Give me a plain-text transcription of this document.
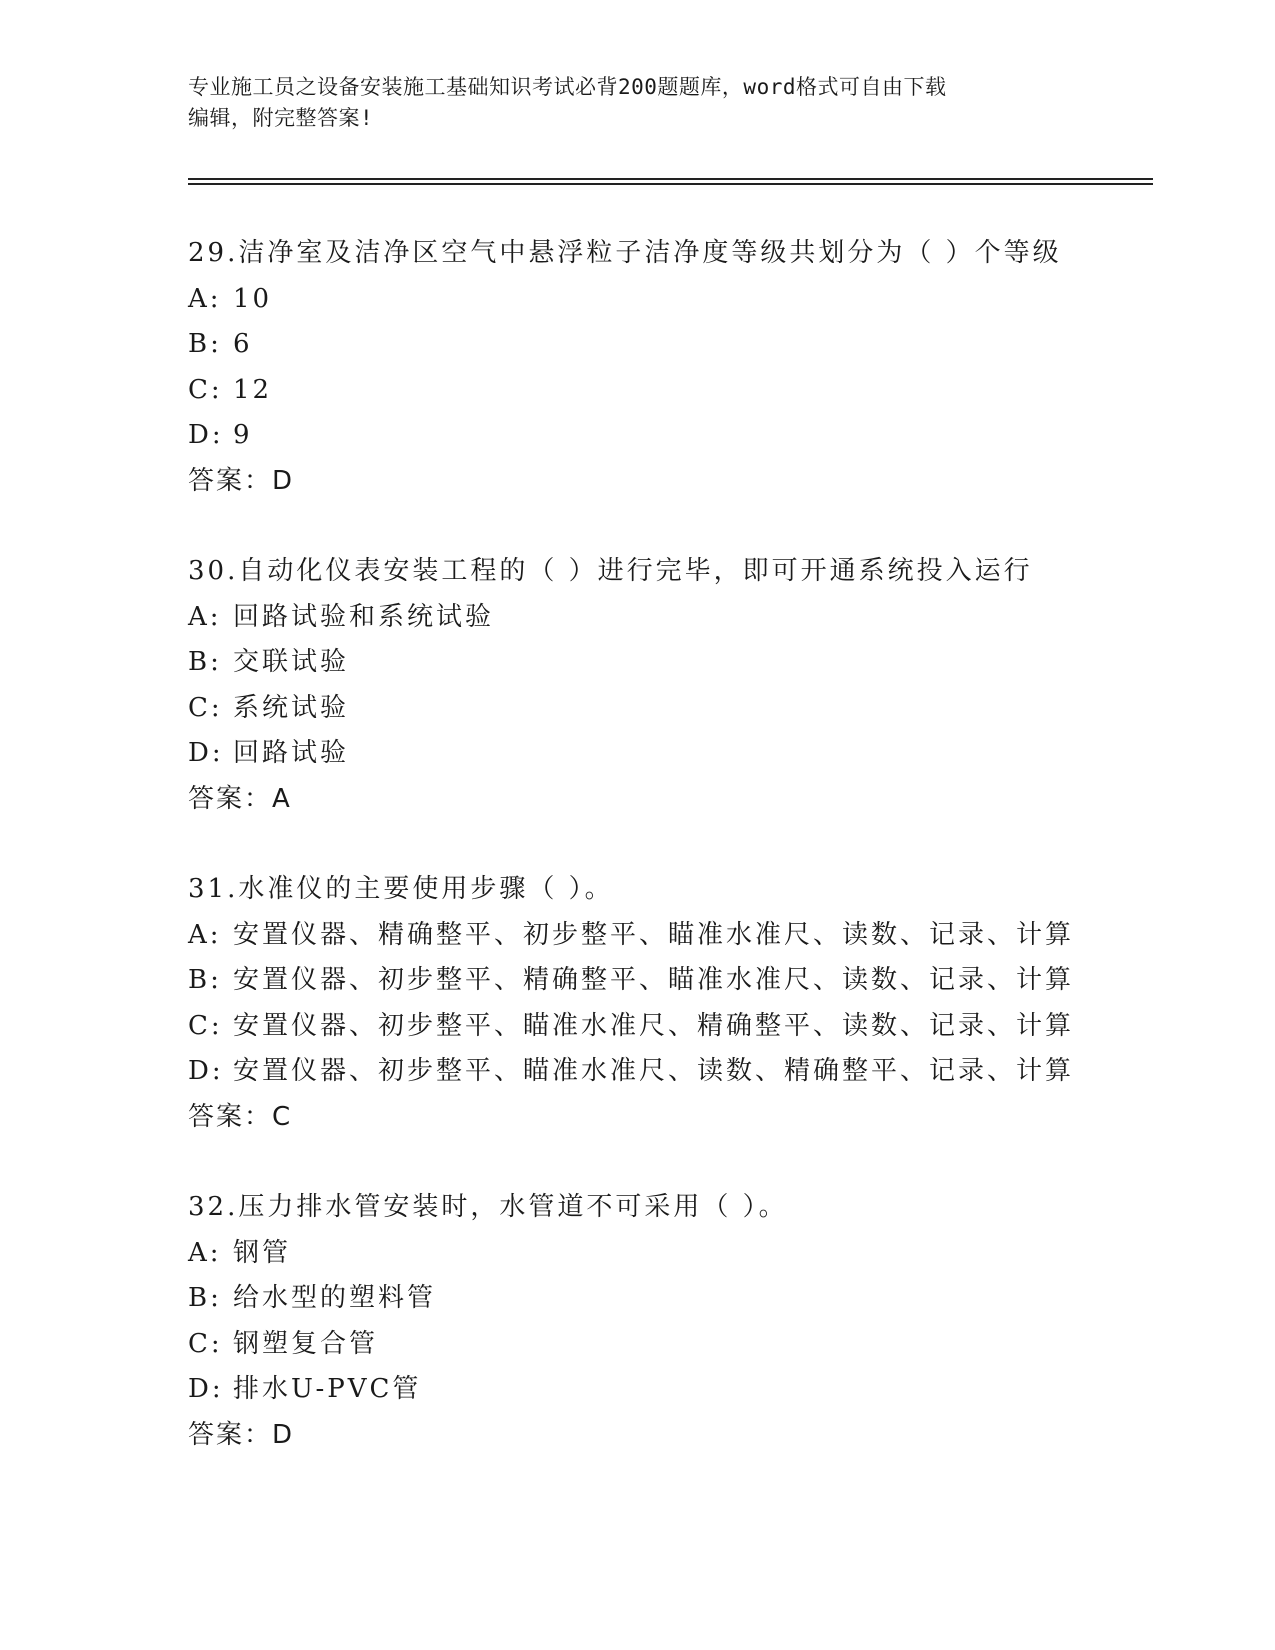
专业施工员之设备安装施工基础知识考试必背200题题库，word格式可自由下载
编辑，附完整答案!
29.洁净室及洁净区空气中悬浮粒子洁净度等级共划分为（ ）个等级
A: 10
B: 6
C: 12
D: 9
答案：D
30.自动化仪表安装工程的（ ）进行完毕，即可开通系统投入运行
A: 回路试验和系统试验
B: 交联试验
C: 系统试验
D: 回路试验
答案：A
31.水准仪的主要使用步骤（ ）。
A: 安置仪器、精确整平、初步整平、瞄准水准尺、读数、记录、计算
B: 安置仪器、初步整平、精确整平、瞄准水准尺、读数、记录、计算
C: 安置仪器、初步整平、瞄准水准尺、精确整平、读数、记录、计算
D: 安置仪器、初步整平、瞄准水准尺、读数、精确整平、记录、计算
答案：C
32.压力排水管安装时，水管道不可采用（ ）。
A: 钢管
B: 给水型的塑料管
C: 钢塑复合管
D: 排水U-PVC管
答案：D
